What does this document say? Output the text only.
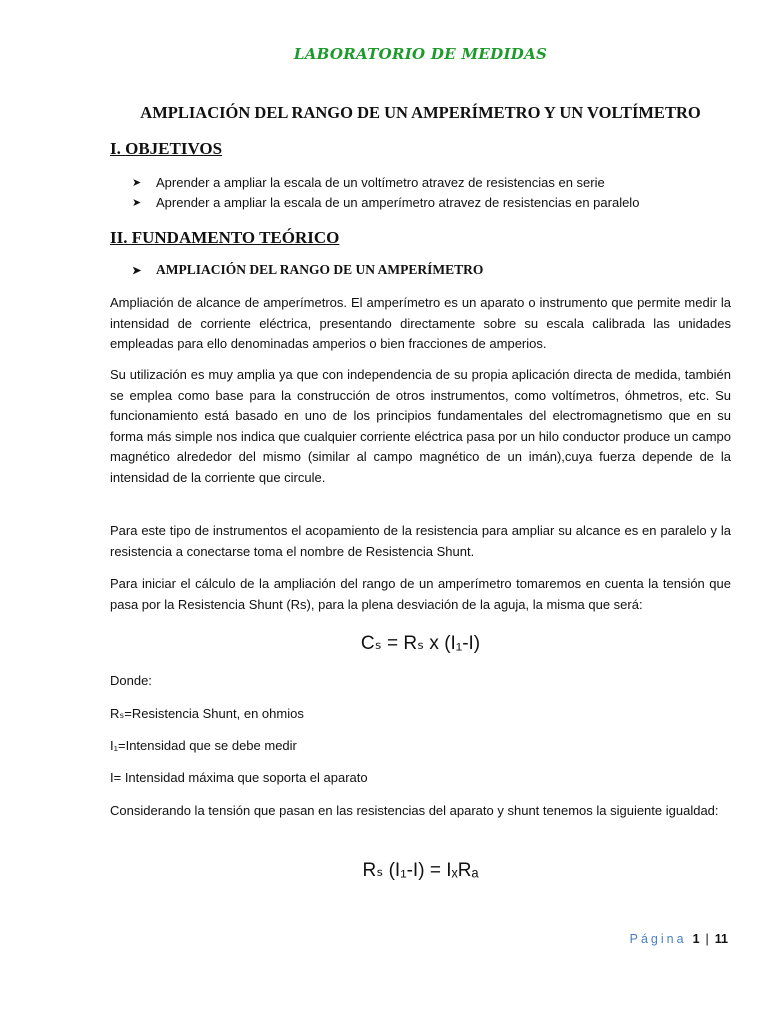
LABORATORIO DE MEDIDAS
AMPLIACIÓN DEL RANGO DE UN AMPERÍMETRO Y UN VOLTÍMETRO
I. OBJETIVOS
➤	Aprender a ampliar la escala de un voltímetro atravez de resistencias en serie
➤	Aprender a ampliar la escala de un amperímetro atravez de resistencias en paralelo
II. FUNDAMENTO TEÓRICO
➤	AMPLIACIÓN DEL RANGO DE UN AMPERÍMETRO

Ampliación de alcance de amperímetros. El amperímetro es un aparato o instrumento que permite medir la intensidad de corriente eléctrica, presentando directamente sobre su escala calibrada las unidades empleadas para ello denominadas amperios o bien fracciones de amperios.

Su utilización es muy amplia ya que con independencia de su propia aplicación directa de medida, también se emplea como base para la construcción de otros instrumentos, como voltímetros, óhmetros, etc. Su funcionamiento está basado en uno de los principios fundamentales del electromagnetismo que en su forma más simple nos indica que cualquier corriente eléctrica pasa por un hilo conductor produce un campo magnético alrededor del mismo (similar al campo magnético de un imán),cuya fuerza depende de la intensidad de la corriente que circule.

Para este tipo de instrumentos el acopamiento de la resistencia para ampliar su alcance es en paralelo y la resistencia a conectarse toma el nombre de Resistencia Shunt.

Para iniciar el cálculo de la ampliación del rango de un amperímetro tomaremos en cuenta la tensión que pasa por la Resistencia Shunt (Rs), para la plena desviación de la aguja, la misma que será:

Cₛ = Rₛ x (I₁-I)
Donde:
Rₛ=Resistencia Shunt, en ohmios
I₁=Intensidad que se debe medir
I= Intensidad máxima que soporta el aparato

Considerando la tensión que pasan en las resistencias del aparato y shunt tenemos la siguiente igualdad:

Rₛ (I₁-I) = IₓRₐ
Página 1 | 11
